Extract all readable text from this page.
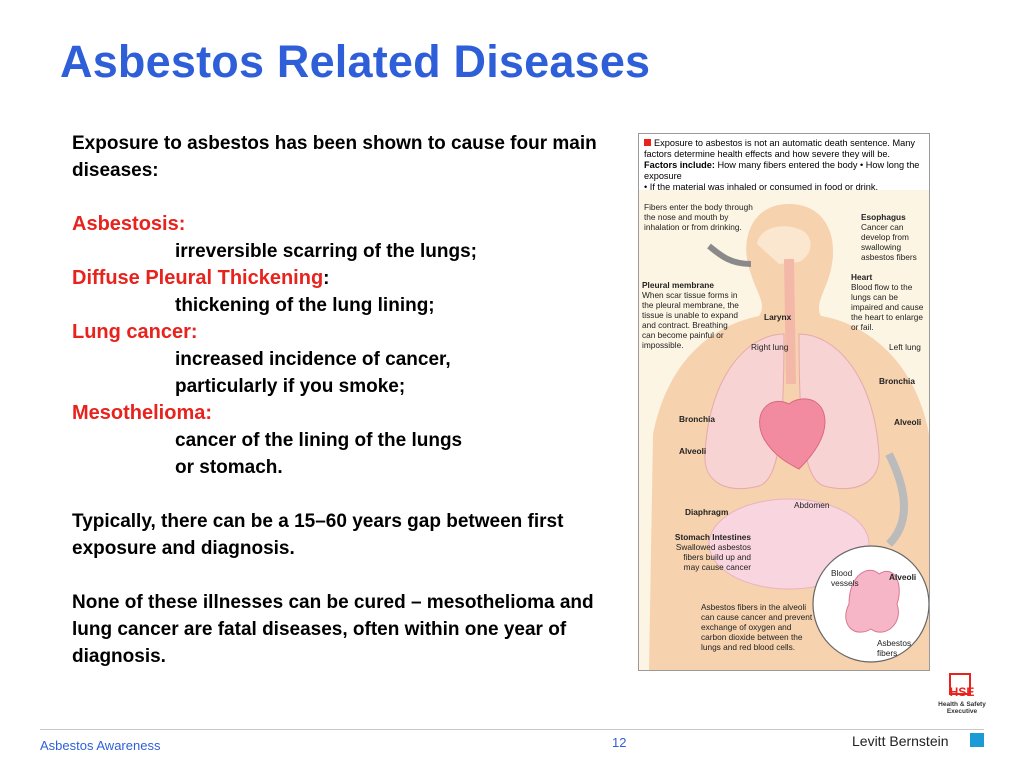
Asbestos Related Diseases

Exposure to asbestos has been shown to cause four main diseases:

Asbestosis:
irreversible scarring of the lungs;
Diffuse Pleural Thickening:
thickening of the lung lining;
Lung cancer:
increased incidence of cancer,
particularly if you smoke;
Mesothelioma:
cancer of the lining of the lungs
or stomach.

Typically, there can be a 15–60 years gap between first exposure and diagnosis.

None of these illnesses can be cured – mesothelioma and lung cancer are fatal diseases, often within one year of diagnosis.

Exposure to asbestos is not an automatic death sentence. Many factors determine health effects and how severe they will be.
Factors include: How many fibers entered the body • How long the exposure
• If the material was inhaled or consumed in food or drink.
Fibers enter the body through the nose and mouth by inhalation or from drinking.
Esophagus
Cancer can develop from swallowing asbestos fibers
Heart
Blood flow to the lungs can be impaired and cause the heart to enlarge or fail.
Pleural membrane
When scar tissue forms in the pleural membrane, the tissue is unable to expand and contract. Breathing can become painful or impossible.
Larynx
Right lung	Left lung
Bronchia
Bronchia
Alveoli
Alveoli
Abdomen
Diaphragm
Stomach Intestines
Swallowed asbestos fibers build up and may cause cancer
Blood vessels
Alveoli
Asbestos fibers in the alveoli can cause cancer and prevent exchange of oxygen and carbon dioxide between the lungs and red blood cells.	Asbestos fibers
HSE
Health & Safety Executive
Asbestos Awareness	12	Levitt Bernstein
